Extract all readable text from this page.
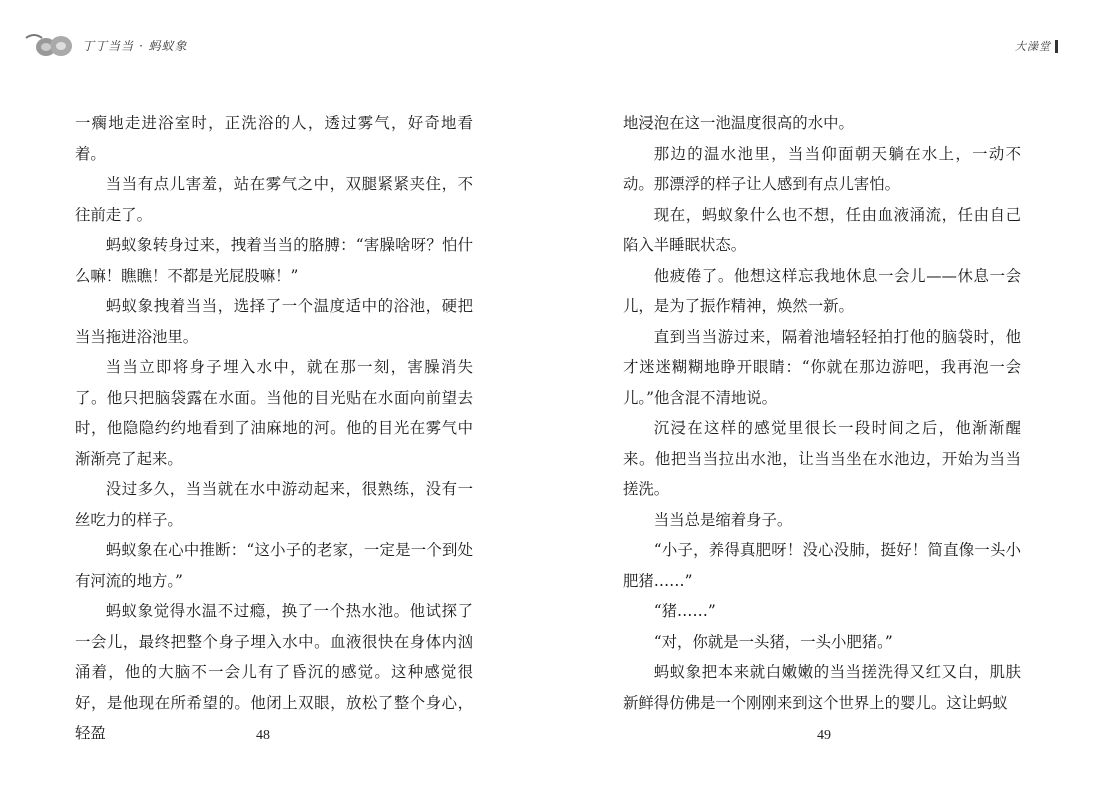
丁丁当当 · 蚂蚁象	大澡堂

一瘸地走进浴室时，正洗浴的人，透过雾气，好奇地看着。

当当有点儿害羞，站在雾气之中，双腿紧紧夹住，不往前走了。

蚂蚁象转身过来，拽着当当的胳膊：“害臊啥呀？怕什么嘛！瞧瞧！不都是光屁股嘛！”

蚂蚁象拽着当当，选择了一个温度适中的浴池，硬把当当拖进浴池里。

当当立即将身子埋入水中，就在那一刻，害臊消失了。他只把脑袋露在水面。当他的目光贴在水面向前望去时，他隐隐约约地看到了油麻地的河。他的目光在雾气中渐渐亮了起来。

没过多久，当当就在水中游动起来，很熟练，没有一丝吃力的样子。

蚂蚁象在心中推断：“这小子的老家，一定是一个到处有河流的地方。”

蚂蚁象觉得水温不过瘾，换了一个热水池。他试探了一会儿，最终把整个身子埋入水中。血液很快在身体内汹涌着，他的大脑不一会儿有了昏沉的感觉。这种感觉很好，是他现在所希望的。他闭上双眼，放松了整个身心，轻盈

地浸泡在这一池温度很高的水中。

那边的温水池里，当当仰面朝天躺在水上，一动不动。那漂浮的样子让人感到有点儿害怕。

现在，蚂蚁象什么也不想，任由血液涌流，任由自己陷入半睡眠状态。

他疲倦了。他想这样忘我地休息一会儿——休息一会儿，是为了振作精神，焕然一新。

直到当当游过来，隔着池墙轻轻拍打他的脑袋时，他才迷迷糊糊地睁开眼睛：“你就在那边游吧，我再泡一会儿。”他含混不清地说。

沉浸在这样的感觉里很长一段时间之后，他渐渐醒来。他把当当拉出水池，让当当坐在水池边，开始为当当搓洗。

当当总是缩着身子。

“小子，养得真肥呀！没心没肺，挺好！简直像一头小肥猪……”

“猪……”

“对，你就是一头猪，一头小肥猪。”

蚂蚁象把本来就白嫩嫩的当当搓洗得又红又白，肌肤新鲜得仿佛是一个刚刚来到这个世界上的婴儿。这让蚂蚁

48	49
